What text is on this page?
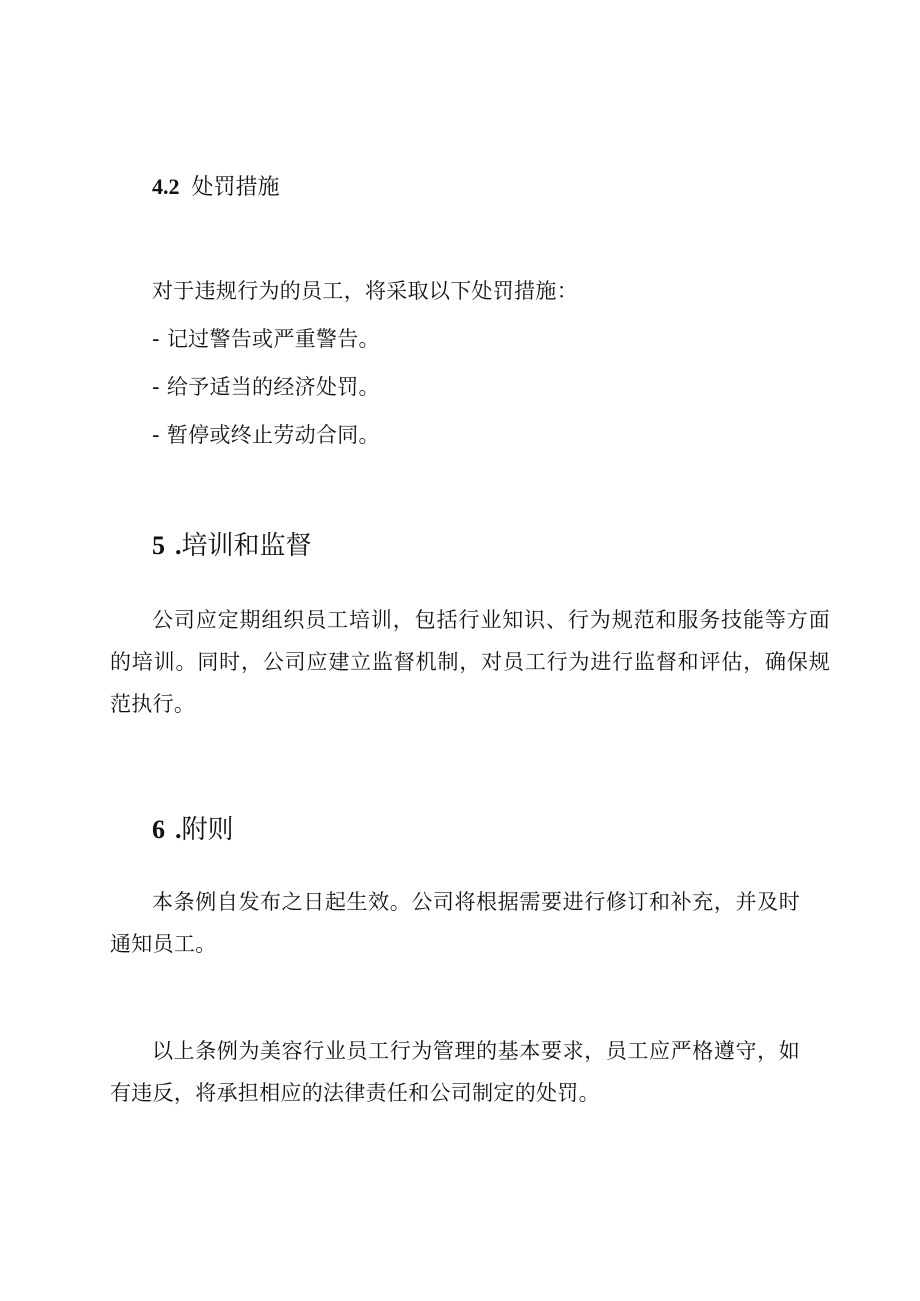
4.2 处罚措施

对于违规行为的员工，将采取以下处罚措施：

- 记过警告或严重警告。

- 给予适当的经济处罚。

- 暂停或终止劳动合同。

5 .培训和监督

公司应定期组织员工培训，包括行业知识、行为规范和服务技能等方面的培训。同时，公司应建立监督机制，对员工行为进行监督和评估，确保规范执行。

6 .附则

本条例自发布之日起生效。公司将根据需要进行修订和补充，并及时通知员工。

以上条例为美容行业员工行为管理的基本要求，员工应严格遵守，如有违反，将承担相应的法律责任和公司制定的处罚。
